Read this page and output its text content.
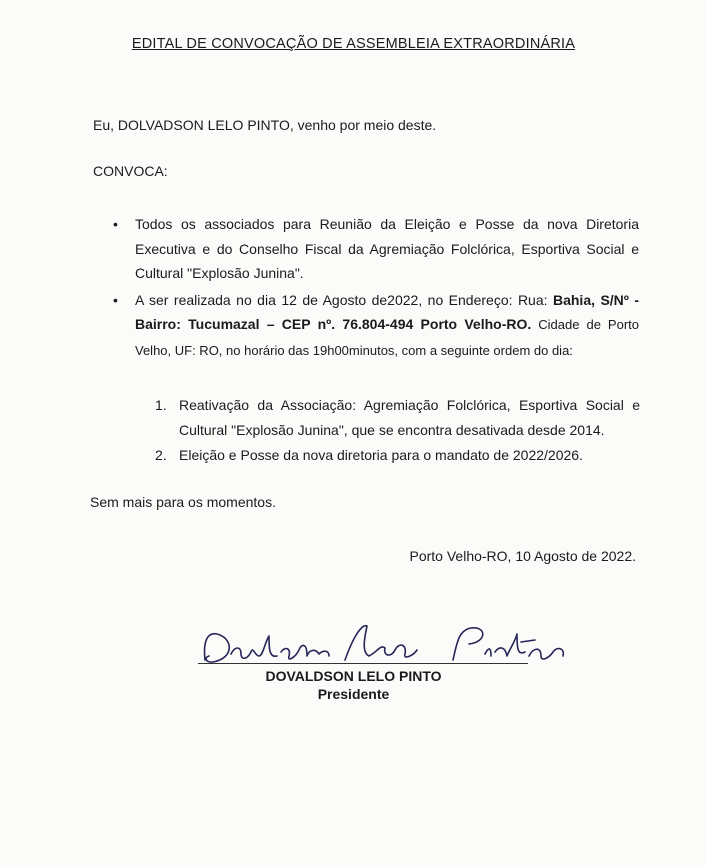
EDITAL DE CONVOCAÇÃO DE ASSEMBLEIA EXTRAORDINÁRIA
Eu, DOLVADSON LELO PINTO, venho por meio deste.
CONVOCA:
• Todos os associados para Reunião da Eleição e Posse da nova Diretoria Executiva e do Conselho Fiscal da Agremiação Folclórica, Esportiva Social e Cultural "Explosão Junina".
• A ser realizada no dia 12 de Agosto de2022, no Endereço: Rua: Bahia, S/Nº - Bairro: Tucumazal – CEP nº. 76.804-494 Porto Velho-RO. Cidade de Porto Velho, UF: RO, no horário das 19h00minutos, com a seguinte ordem do dia:
1. Reativação da Associação: Agremiação Folclórica, Esportiva Social e Cultural "Explosão Junina", que se encontra desativada desde 2014.
2. Eleição e Posse da nova diretoria para o mandato de 2022/2026.
Sem mais para os momentos.
Porto Velho-RO, 10 Agosto de 2022.
DOVALDSON LELO PINTO
Presidente
